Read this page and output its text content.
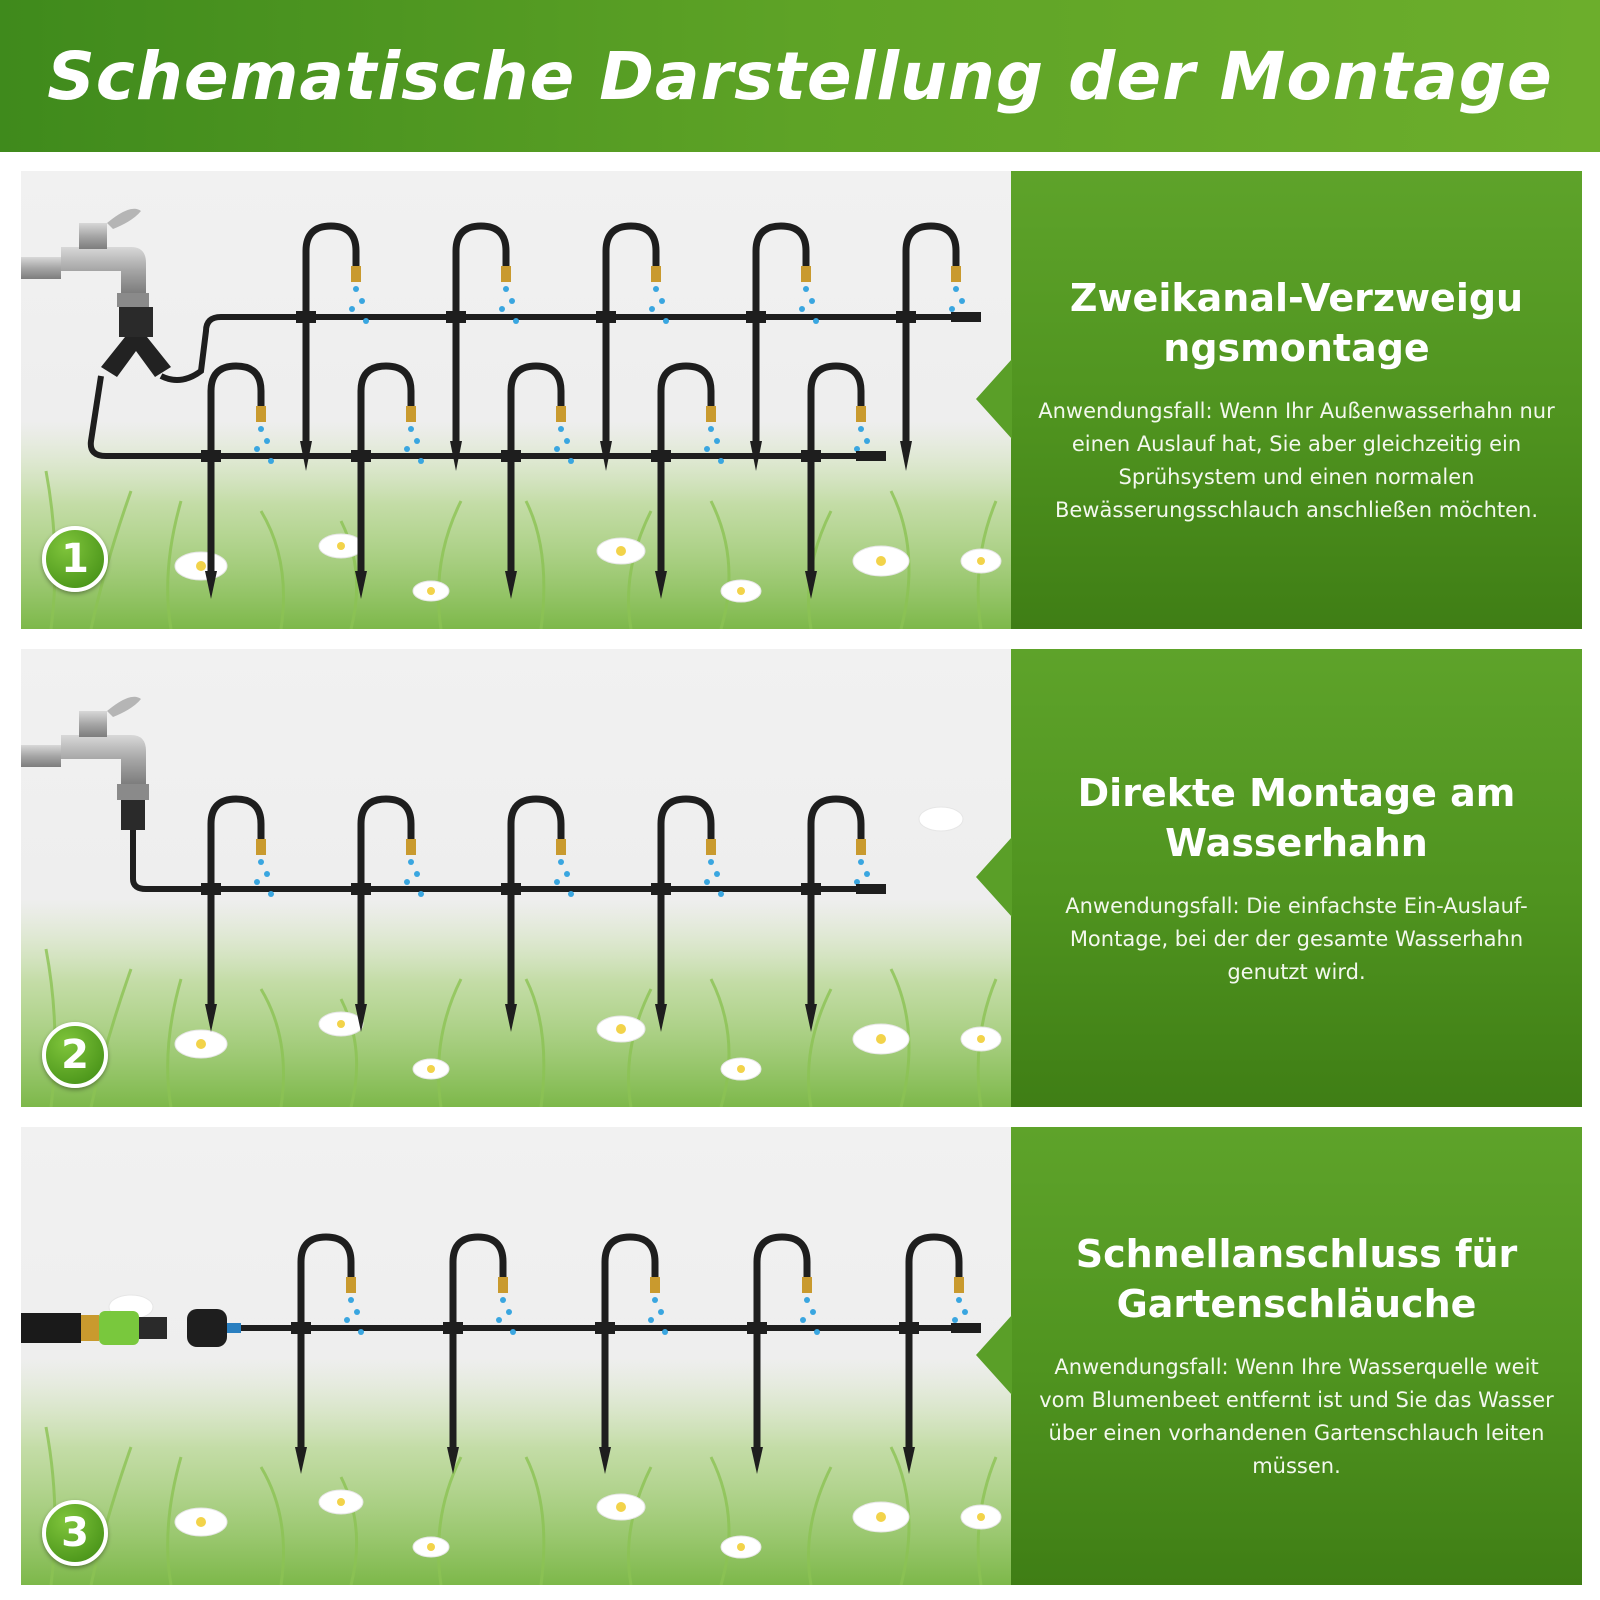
Schematische Darstellung der Montage
1
Zweikanal-Verzweigu ngsmontage

Anwendungsfall: Wenn Ihr Außenwasserhahn nur einen Auslauf hat, Sie aber gleichzeitig ein Sprühsystem und einen normalen Bewässerungsschlauch anschließen möchten.

2
Direkte Montage am Wasserhahn

Anwendungsfall: Die einfachste Ein-Auslauf-Montage, bei der der gesamte Wasserhahn genutzt wird.

3
Schnellanschluss für Gartenschläuche

Anwendungsfall: Wenn Ihre Wasserquelle weit vom Blumenbeet entfernt ist und Sie das Wasser über einen vorhandenen Gartenschlauch leiten müssen.
